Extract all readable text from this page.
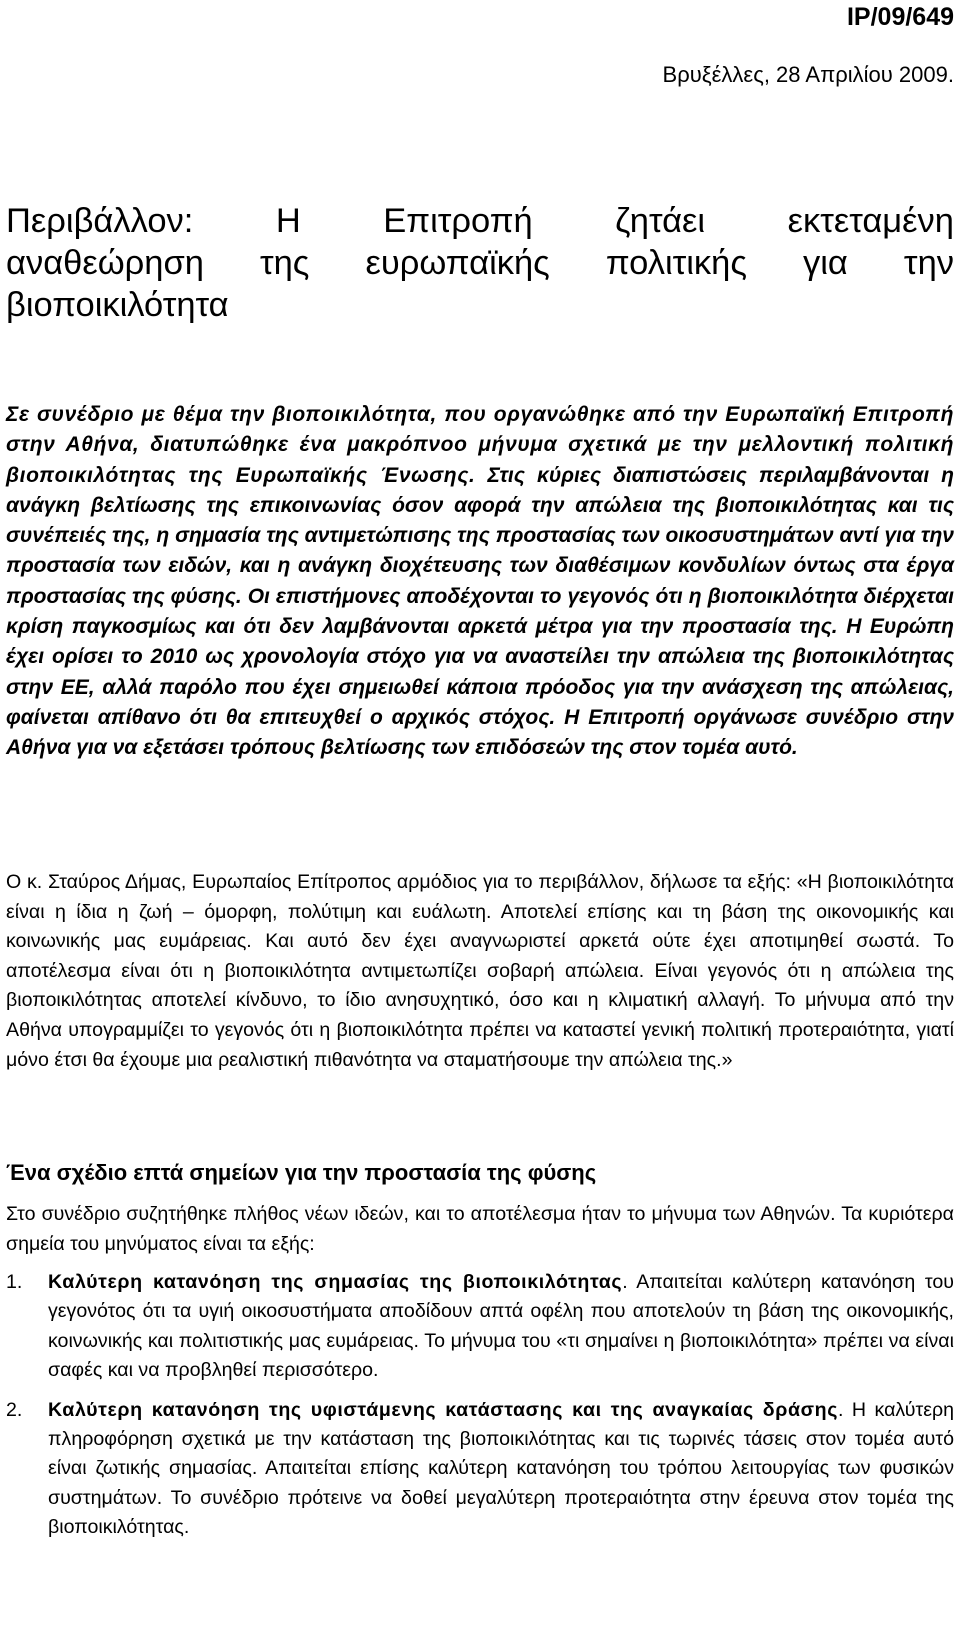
IP/09/649
Βρυξέλλες, 28 Απριλίου 2009.
Περιβάλλον: Η Επιτροπή ζητάει εκτεταμένη
αναθεώρηση της ευρωπαϊκής πολιτικής για την
βιοποικιλότητα

Σε συνέδριο με θέμα την βιοποικιλότητα, που οργανώθηκε από την Ευρωπαϊκή Επιτροπή στην Αθήνα, διατυπώθηκε ένα μακρόπνοο μήνυμα σχετικά με την μελλοντική πολιτική βιοποικιλότητας της Ευρωπαϊκής Ένωσης. Στις κύριες διαπιστώσεις περιλαμβάνονται η ανάγκη βελτίωσης της επικοινωνίας όσον αφορά την απώλεια της βιοποικιλότητας και τις συνέπειές της, η σημασία της αντιμετώπισης της προστασίας των οικοσυστημάτων αντί για την προστασία των ειδών, και η ανάγκη διοχέτευσης των διαθέσιμων κονδυλίων όντως στα έργα προστασίας της φύσης. Οι επιστήμονες αποδέχονται το γεγονός ότι η βιοποικιλότητα διέρχεται κρίση παγκοσμίως και ότι δεν λαμβάνονται αρκετά μέτρα για την προστασία της. Η Ευρώπη έχει ορίσει το 2010 ως χρονολογία στόχο για να αναστείλει την απώλεια της βιοποικιλότητας στην ΕΕ, αλλά παρόλο που έχει σημειωθεί κάποια πρόοδος για την ανάσχεση της απώλειας, φαίνεται απίθανο ότι θα επιτευχθεί ο αρχικός στόχος. Η Επιτροπή οργάνωσε συνέδριο στην Αθήνα για να εξετάσει τρόπους βελτίωσης των επιδόσεών της στον τομέα αυτό.

Ο κ. Σταύρος Δήμας, Ευρωπαίος Επίτροπος αρμόδιος για το περιβάλλον, δήλωσε τα εξής: «Η βιοποικιλότητα είναι η ίδια η ζωή – όμορφη, πολύτιμη και ευάλωτη. Αποτελεί επίσης και τη βάση της οικονομικής και κοινωνικής μας ευμάρειας. Και αυτό δεν έχει αναγνωριστεί αρκετά ούτε έχει αποτιμηθεί σωστά. Το αποτέλεσμα είναι ότι η βιοποικιλότητα αντιμετωπίζει σοβαρή απώλεια. Είναι γεγονός ότι η απώλεια της βιοποικιλότητας αποτελεί κίνδυνο, το ίδιο ανησυχητικό, όσο και η κλιματική αλλαγή. Το μήνυμα από την Αθήνα υπογραμμίζει το γεγονός ότι η βιοποικιλότητα πρέπει να καταστεί γενική πολιτική προτεραιότητα, γιατί μόνο έτσι θα έχουμε μια ρεαλιστική πιθανότητα να σταματήσουμε την απώλεια της.»

Ένα σχέδιο επτά σημείων για την προστασία της φύσης

Στο συνέδριο συζητήθηκε πλήθος νέων ιδεών, και το αποτέλεσμα ήταν το μήνυμα των Αθηνών. Τα κυριότερα σημεία του μηνύματος είναι τα εξής:

1. Καλύτερη κατανόηση της σημασίας της βιοποικιλότητας. Απαιτείται καλύτερη κατανόηση του γεγονότος ότι τα υγιή οικοσυστήματα αποδίδουν απτά οφέλη που αποτελούν τη βάση της οικονομικής, κοινωνικής και πολιτιστικής μας ευμάρειας. Το μήνυμα του «τι σημαίνει η βιοποικιλότητα» πρέπει να είναι σαφές και να προβληθεί περισσότερο.
2. Καλύτερη κατανόηση της υφιστάμενης κατάστασης και της αναγκαίας δράσης. Η καλύτερη πληροφόρηση σχετικά με την κατάσταση της βιοποικιλότητας και τις τωρινές τάσεις στον τομέα αυτό είναι ζωτικής σημασίας. Απαιτείται επίσης καλύτερη κατανόηση του τρόπου λειτουργίας των φυσικών συστημάτων. Το συνέδριο πρότεινε να δοθεί μεγαλύτερη προτεραιότητα στην έρευνα στον τομέα της βιοποικιλότητας.
